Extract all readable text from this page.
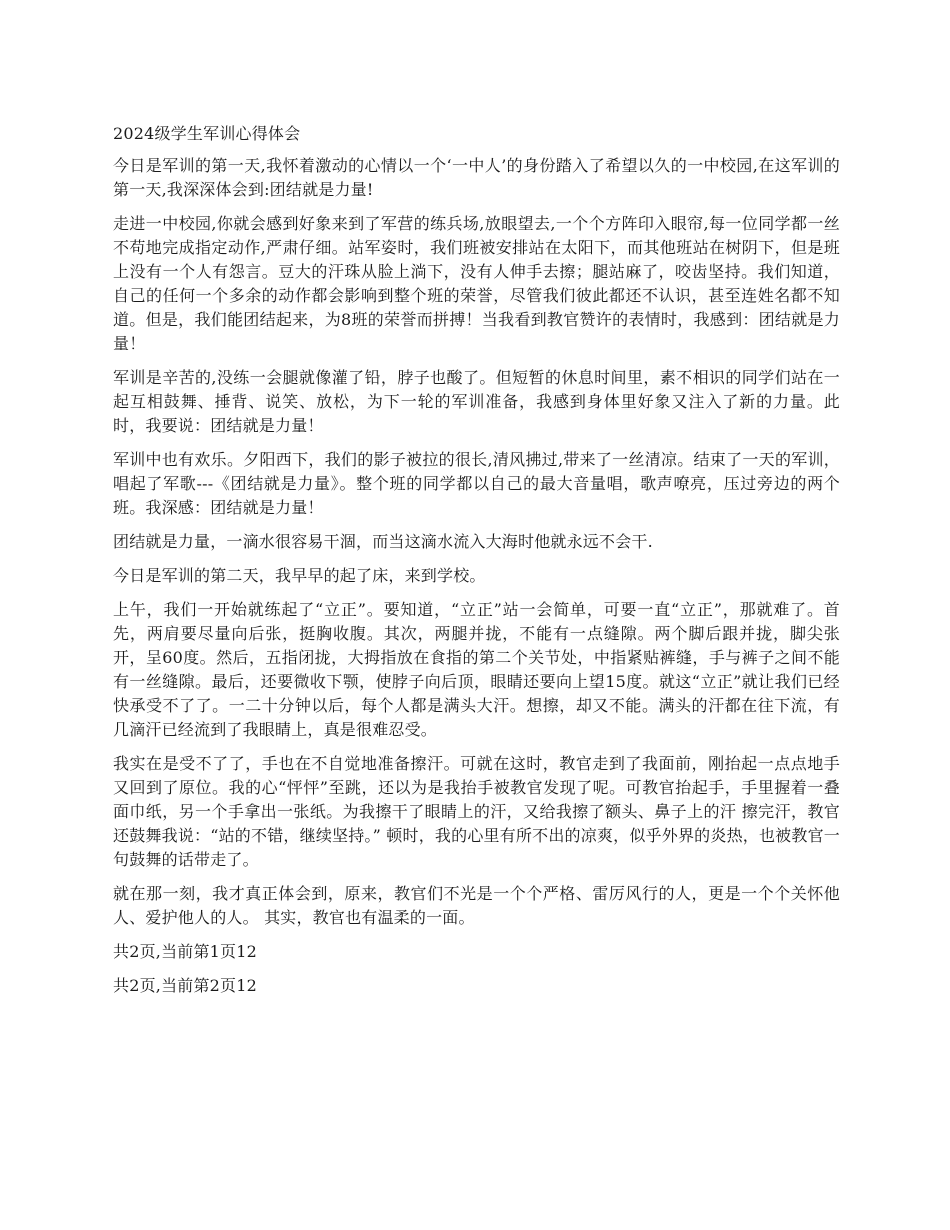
2024级学生军训心得体会

今日是军训的第一天,我怀着激动的心情以一个‘一中人’的身份踏入了希望以久的一中校园,在这军训的第一天,我深深体会到:团结就是力量!

走进一中校园,你就会感到好象来到了军营的练兵场,放眼望去,一个个方阵印入眼帘,每一位同学都一丝不苟地完成指定动作,严肃仔细。站军姿时，我们班被安排站在太阳下，而其他班站在树阴下，但是班上没有一个人有怨言。豆大的汗珠从脸上淌下，没有人伸手去擦；腿站麻了，咬齿坚持。我们知道，自己的任何一个多余的动作都会影响到整个班的荣誉，尽管我们彼此都还不认识，甚至连姓名都不知道。但是，我们能团结起来，为8班的荣誉而拼搏！当我看到教官赞许的表情时，我感到：团结就是力量！

军训是辛苦的,没练一会腿就像灌了铅，脖子也酸了。但短暂的休息时间里，素不相识的同学们站在一起互相鼓舞、捶背、说笑、放松，为下一轮的军训准备，我感到身体里好象又注入了新的力量。此时，我要说：团结就是力量！

军训中也有欢乐。夕阳西下，我们的影子被拉的很长,清风拂过,带来了一丝清凉。结束了一天的军训，唱起了军歌---《团结就是力量》。整个班的同学都以自己的最大音量唱，歌声嘹亮，压过旁边的两个班。我深感：团结就是力量！

团结就是力量，一滴水很容易干涸，而当这滴水流入大海时他就永远不会干.

今日是军训的第二天，我早早的起了床，来到学校。

上午，我们一开始就练起了“立正”。要知道，“立正”站一会简单，可要一直“立正”，那就难了。首先，两肩要尽量向后张，挺胸收腹。其次，两腿并拢，不能有一点缝隙。两个脚后跟并拢，脚尖张开，呈60度。然后，五指闭拢，大拇指放在食指的第二个关节处，中指紧贴裤缝，手与裤子之间不能有一丝缝隙。最后，还要微收下颚，使脖子向后顶，眼睛还要向上望15度。就这“立正”就让我们已经快承受不了了。一二十分钟以后，每个人都是满头大汗。想擦，却又不能。满头的汗都在往下流，有几滴汗已经流到了我眼睛上，真是很难忍受。

我实在是受不了了，手也在不自觉地准备擦汗。可就在这时，教官走到了我面前，刚抬起一点点地手又回到了原位。我的心“怦怦”至跳，还以为是我抬手被教官发现了呢。可教官抬起手，手里握着一叠面巾纸，另一个手拿出一张纸。为我擦干了眼睛上的汗，又给我擦了额头、鼻子上的汗 擦完汗，教官还鼓舞我说：“站的不错，继续坚持。” 顿时，我的心里有所不出的凉爽，似乎外界的炎热，也被教官一句鼓舞的话带走了。

就在那一刻，我才真正体会到，原来，教官们不光是一个个严格、雷厉风行的人，更是一个个关怀他人、爱护他人的人。 其实，教官也有温柔的一面。

共2页,当前第1页12

共2页,当前第2页12
